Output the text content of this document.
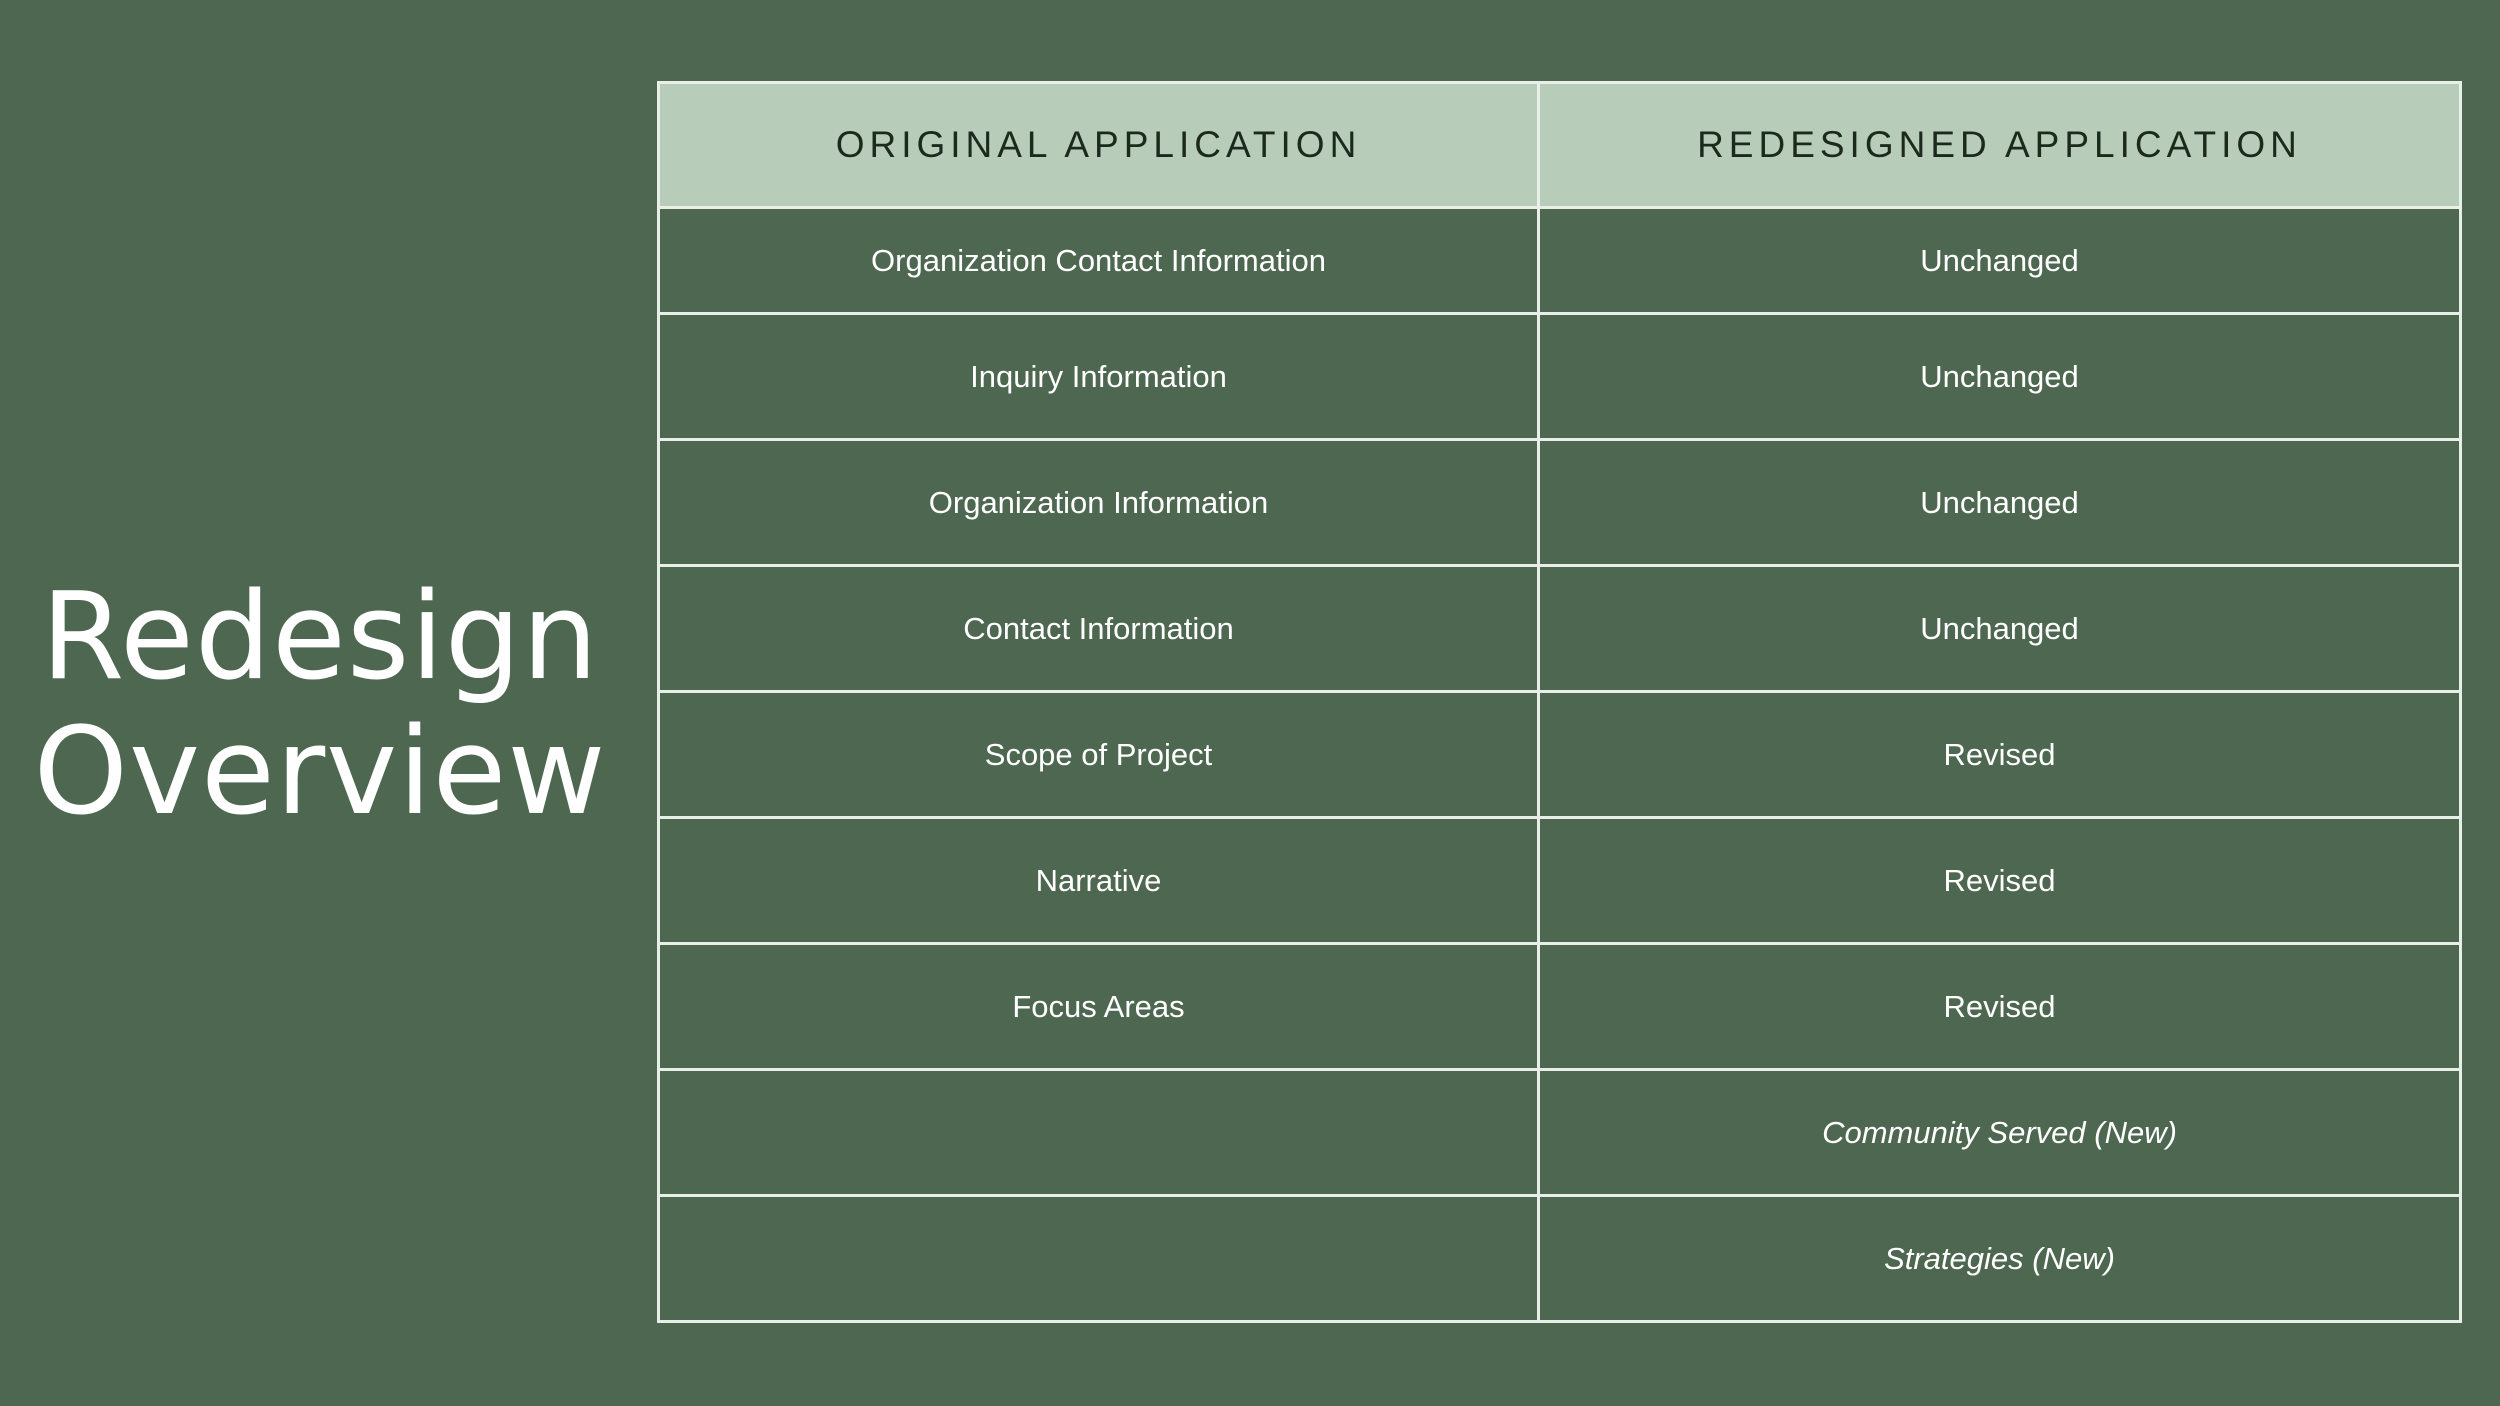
Redesign
Overview
ORIGINAL APPLICATION	REDESIGNED APPLICATION
Organization Contact Information	Unchanged
Inquiry Information	Unchanged
Organization Information	Unchanged
Contact Information	Unchanged
Scope of Project	Revised
Narrative	Revised
Focus Areas	Revised
	Community Served (New)
	Strategies (New)
